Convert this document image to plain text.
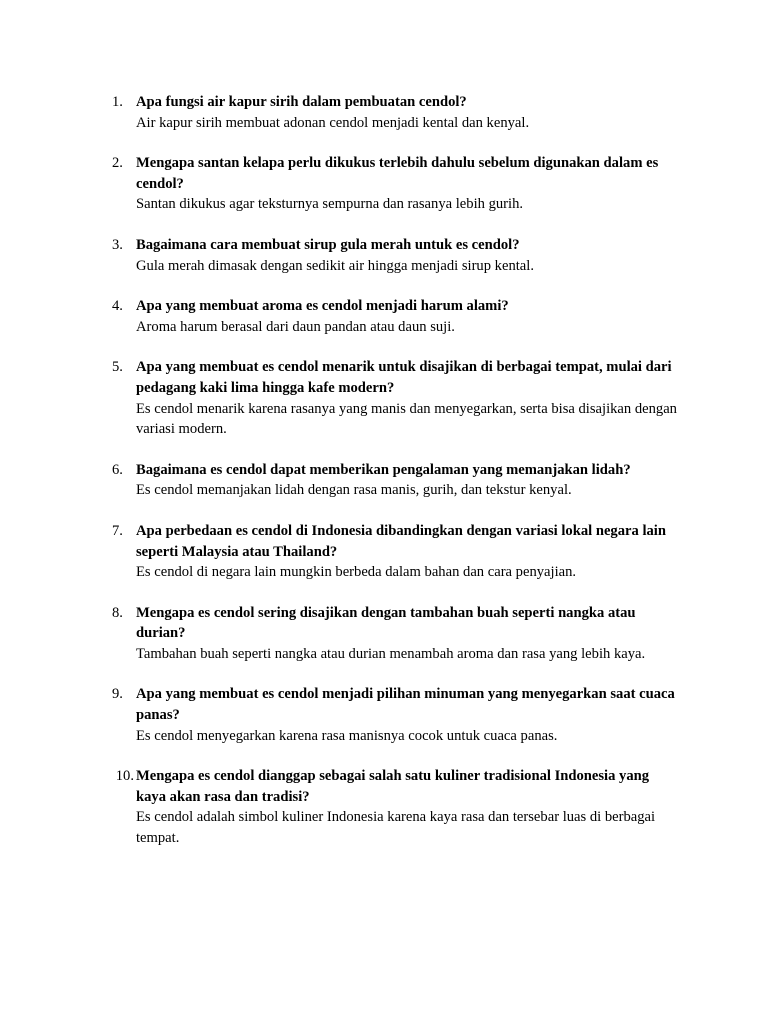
1. Apa fungsi air kapur sirih dalam pembuatan cendol?
Air kapur sirih membuat adonan cendol menjadi kental dan kenyal.
2. Mengapa santan kelapa perlu dikukus terlebih dahulu sebelum digunakan dalam es cendol?
Santan dikukus agar teksturnya sempurna dan rasanya lebih gurih.
3. Bagaimana cara membuat sirup gula merah untuk es cendol?
Gula merah dimasak dengan sedikit air hingga menjadi sirup kental.
4. Apa yang membuat aroma es cendol menjadi harum alami?
Aroma harum berasal dari daun pandan atau daun suji.
5. Apa yang membuat es cendol menarik untuk disajikan di berbagai tempat, mulai dari pedagang kaki lima hingga kafe modern?
Es cendol menarik karena rasanya yang manis dan menyegarkan, serta bisa disajikan dengan variasi modern.
6. Bagaimana es cendol dapat memberikan pengalaman yang memanjakan lidah?
Es cendol memanjakan lidah dengan rasa manis, gurih, dan tekstur kenyal.
7. Apa perbedaan es cendol di Indonesia dibandingkan dengan variasi lokal negara lain seperti Malaysia atau Thailand?
Es cendol di negara lain mungkin berbeda dalam bahan dan cara penyajian.
8. Mengapa es cendol sering disajikan dengan tambahan buah seperti nangka atau durian?
Tambahan buah seperti nangka atau durian menambah aroma dan rasa yang lebih kaya.
9. Apa yang membuat es cendol menjadi pilihan minuman yang menyegarkan saat cuaca panas?
Es cendol menyegarkan karena rasa manisnya cocok untuk cuaca panas.
10. Mengapa es cendol dianggap sebagai salah satu kuliner tradisional Indonesia yang kaya akan rasa dan tradisi?
Es cendol adalah simbol kuliner Indonesia karena kaya rasa dan tersebar luas di berbagai tempat.
